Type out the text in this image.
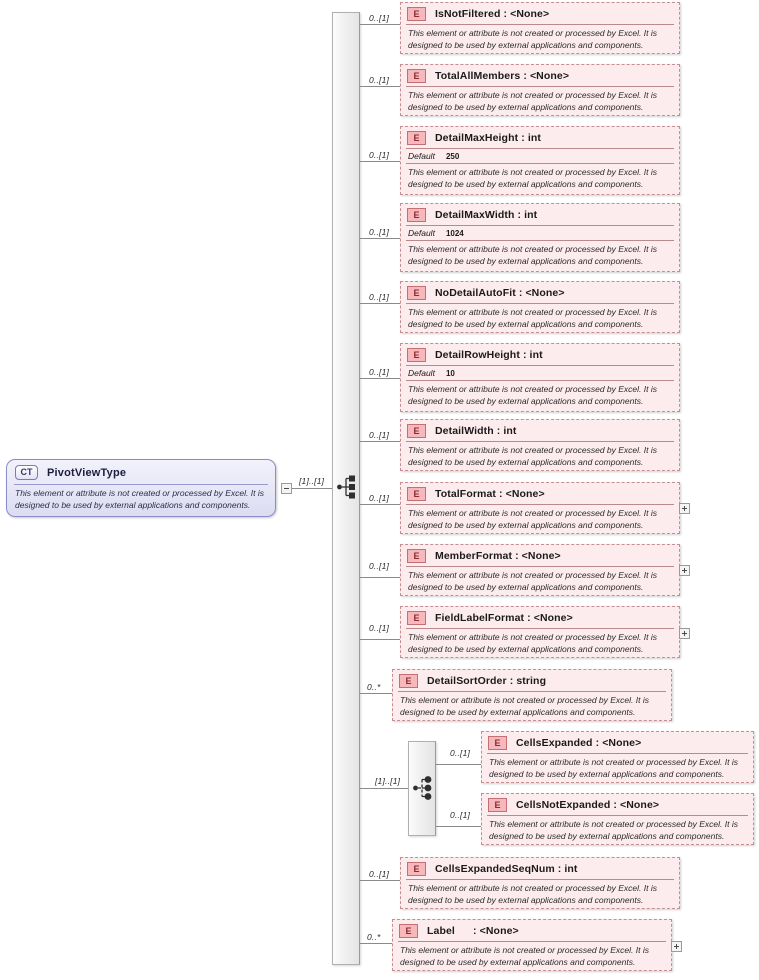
CT	PivotViewType
This element or attribute is not created or processed by Excel. It is designed to be used by external applications and components.
[1]..[1]
0..[1]	E	IsNotFiltered : <None>
This element or attribute is not created or processed by Excel. It is designed to be used by external applications and components.
0..[1]	E	TotalAllMembers : <None>
This element or attribute is not created or processed by Excel. It is designed to be used by external applications and components.
0..[1]
E	DetailMaxHeight : int
Default 250
This element or attribute is not created or processed by Excel. It is designed to be used by external applications and components.
0..[1]
E	DetailMaxWidth : int
Default 1024
This element or attribute is not created or processed by Excel. It is designed to be used by external applications and components.
0..[1]	E	NoDetailAutoFit : <None>
This element or attribute is not created or processed by Excel. It is designed to be used by external applications and components.
0..[1]
E	DetailRowHeight : int
Default 10
This element or attribute is not created or processed by Excel. It is designed to be used by external applications and components.
0..[1]	E	DetailWidth : int
This element or attribute is not created or processed by Excel. It is designed to be used by external applications and components.
0..[1]	E	TotalFormat : <None>
This element or attribute is not created or processed by Excel. It is designed to be used by external applications and components.
0..[1]
E	MemberFormat : <None>
This element or attribute is not created or processed by Excel. It is designed to be used by external applications and components.
0..[1]
E	FieldLabelFormat : <None>
This element or attribute is not created or processed by Excel. It is designed to be used by external applications and components.
0..*
E	DetailSortOrder : string
This element or attribute is not created or processed by Excel. It is designed to be used by external applications and components.
[1]..[1]
0..[1]
E	CellsExpanded : <None>
This element or attribute is not created or processed by Excel. It is designed to be used by external applications and components.
0..[1]
E	CellsNotExpanded : <None>
This element or attribute is not created or processed by Excel. It is designed to be used by external applications and components.
0..[1]	E	CellsExpandedSeqNum : int
This element or attribute is not created or processed by Excel. It is designed to be used by external applications and components.
0..*
E	Label      : <None>
This element or attribute is not created or processed by Excel. It is designed to be used by external applications and components.
